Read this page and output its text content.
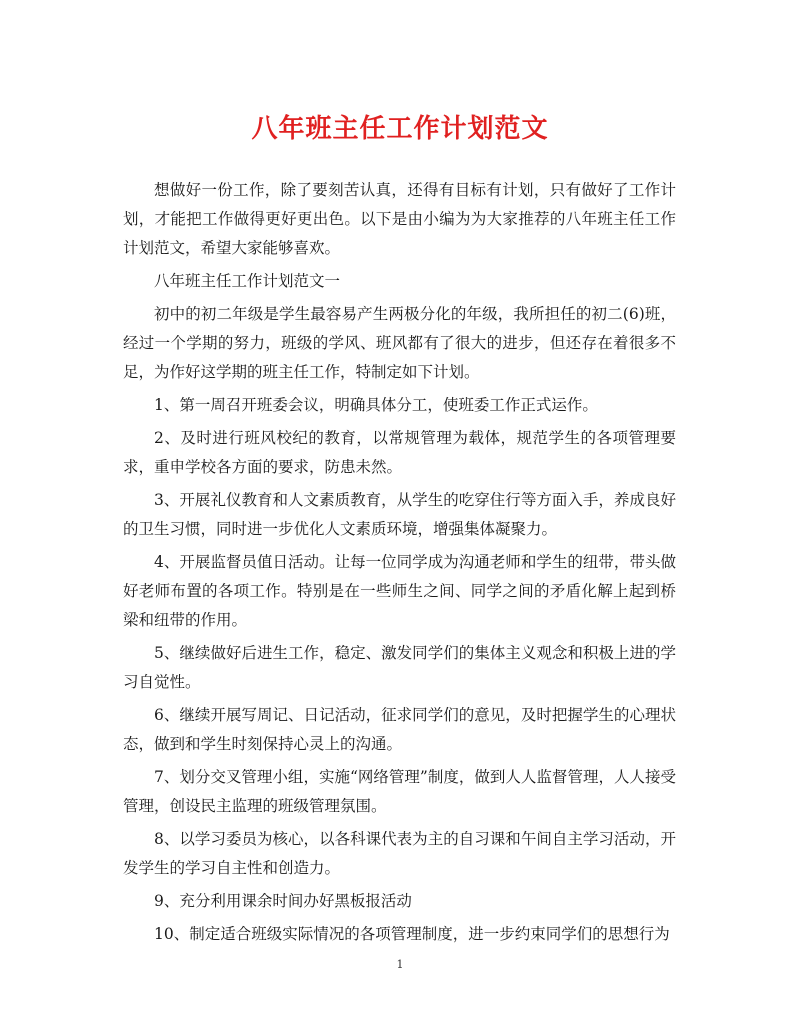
八年班主任工作计划范文

想做好一份工作，除了要刻苦认真，还得有目标有计划，只有做好了工作计划，才能把工作做得更好更出色。以下是由小编为为大家推荐的八年班主任工作计划范文，希望大家能够喜欢。

八年班主任工作计划范文一

初中的初二年级是学生最容易产生两极分化的年级，我所担任的初二(6)班，经过一个学期的努力，班级的学风、班风都有了很大的进步，但还存在着很多不足，为作好这学期的班主任工作，特制定如下计划。

1、第一周召开班委会议，明确具体分工，使班委工作正式运作。

2、及时进行班风校纪的教育，以常规管理为载体，规范学生的各项管理要求，重申学校各方面的要求，防患未然。

3、开展礼仪教育和人文素质教育，从学生的吃穿住行等方面入手，养成良好的卫生习惯，同时进一步优化人文素质环境，增强集体凝聚力。

4、开展监督员值日活动。让每一位同学成为沟通老师和学生的纽带，带头做好老师布置的各项工作。特别是在一些师生之间、同学之间的矛盾化解上起到桥梁和纽带的作用。

5、继续做好后进生工作，稳定、激发同学们的集体主义观念和积极上进的学习自觉性。

6、继续开展写周记、日记活动，征求同学们的意见，及时把握学生的心理状态，做到和学生时刻保持心灵上的沟通。

7、划分交叉管理小组，实施“网络管理”制度，做到人人监督管理，人人接受管理，创设民主监理的班级管理氛围。

8、以学习委员为核心，以各科课代表为主的自习课和午间自主学习活动，开发学生的学习自主性和创造力。

9、充分利用课余时间办好黑板报活动

10、制定适合班级实际情况的各项管理制度，进一步约束同学们的思想行为

1
